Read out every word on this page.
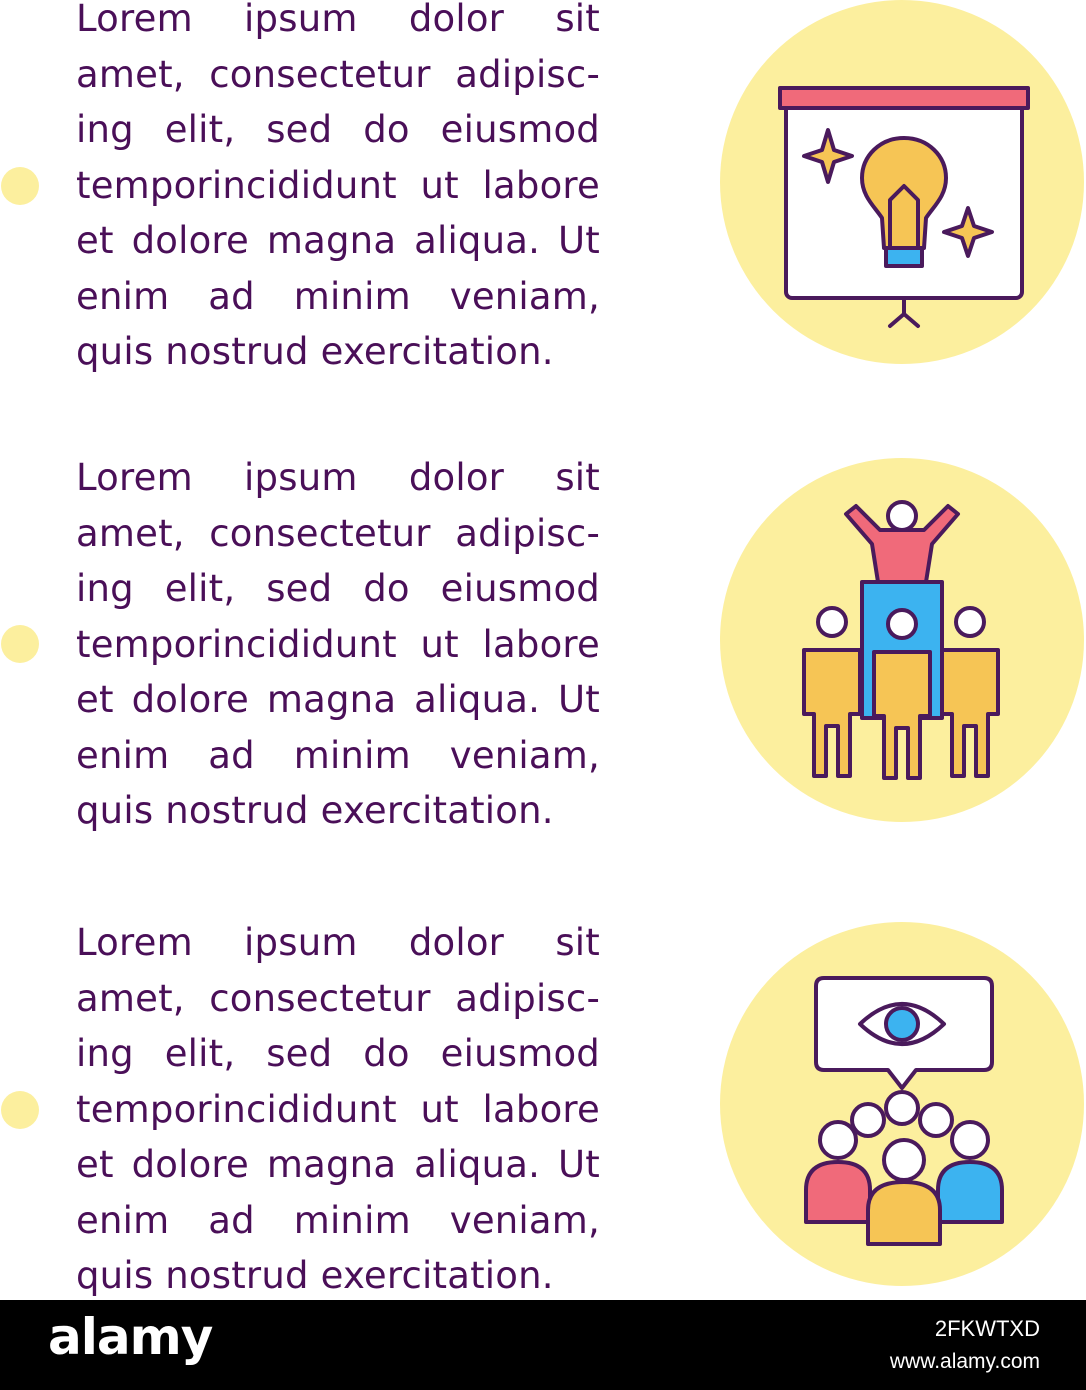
Lorem ipsum dolor sit amet, consectetur adipisc- ing elit, sed do eiusmod temporincididunt ut labore et dolore magna aliqua. Ut enim ad minim veniam, quis nostrud exercitation.
Lorem ipsum dolor sit amet, consectetur adipisc- ing elit, sed do eiusmod temporincididunt ut labore et dolore magna aliqua. Ut enim ad minim veniam, quis nostrud exercitation.
Lorem ipsum dolor sit amet, consectetur adipisc- ing elit, sed do eiusmod temporincididunt ut labore et dolore magna aliqua. Ut enim ad minim veniam, quis nostrud exercitation.
alamy	2FKWTXD
www.alamy.com
